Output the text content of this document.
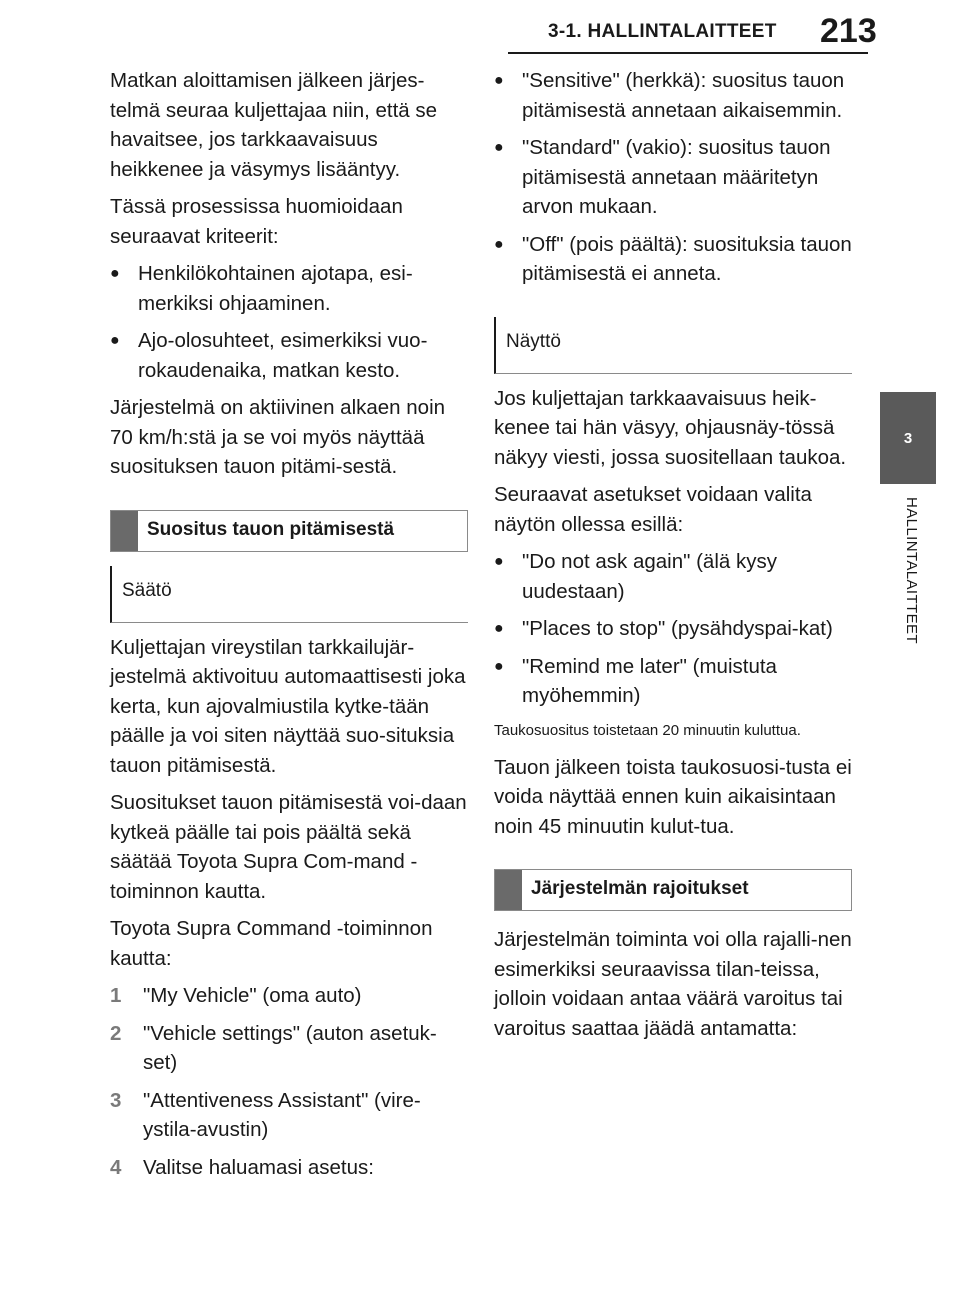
3-1. HALLINTALAITTEET 213
3
HALLINTALAITTEET

Matkan aloittamisen jälkeen järjes-telmä seuraa kuljettajaa niin, että se havaitsee, jos tarkkaavaisuus heikkenee ja väsymys lisääntyy.

Tässä prosessissa huomioidaan seuraavat kriteerit:

● Henkilökohtainen ajotapa, esi-merkiksi ohjaaminen.
● Ajo-olosuhteet, esimerkiksi vuo-rokaudenaika, matkan kesto.

Järjestelmä on aktiivinen alkaen noin 70 km/h:stä ja se voi myös näyttää suosituksen tauon pitämi-sestä.

Suositus tauon pitämisestä
Säätö

Kuljettajan vireystilan tarkkailujär-jestelmä aktivoituu automaattisesti joka kerta, kun ajovalmiustila kytke-tään päälle ja voi siten näyttää suo-situksia tauon pitämisestä.

Suositukset tauon pitämisestä voi-daan kytkeä päälle tai pois päältä sekä säätää Toyota Supra Com-mand -toiminnon kautta.

Toyota Supra Command -toiminnon kautta:

1	"My Vehicle" (oma auto)
2	"Vehicle settings" (auton asetuk-set)
3	"Attentiveness Assistant" (vire-ystila-avustin)
4	Valitse haluamasi asetus:
● "Sensitive" (herkkä): suositus tauon pitämisestä annetaan aikaisemmin.
● "Standard" (vakio): suositus tauon pitämisestä annetaan määritetyn arvon mukaan.
● "Off" (pois päältä): suosituksia tauon pitämisestä ei anneta.
Näyttö

Jos kuljettajan tarkkaavaisuus heik-kenee tai hän väsyy, ohjausnäy-tössä näkyy viesti, jossa suositellaan taukoa.

Seuraavat asetukset voidaan valita näytön ollessa esillä:

● "Do not ask again" (älä kysy uudestaan)
● "Places to stop" (pysähdyspai-kat)
● "Remind me later" (muistuta myöhemmin)

Taukosuositus toistetaan 20 minuutin kuluttua.

Tauon jälkeen toista taukosuosi-tusta ei voida näyttää ennen kuin aikaisintaan noin 45 minuutin kulut-tua.

Järjestelmän rajoitukset

Järjestelmän toiminta voi olla rajalli-nen esimerkiksi seuraavissa tilan-teissa, jolloin voidaan antaa väärä varoitus tai varoitus saattaa jäädä antamatta:
